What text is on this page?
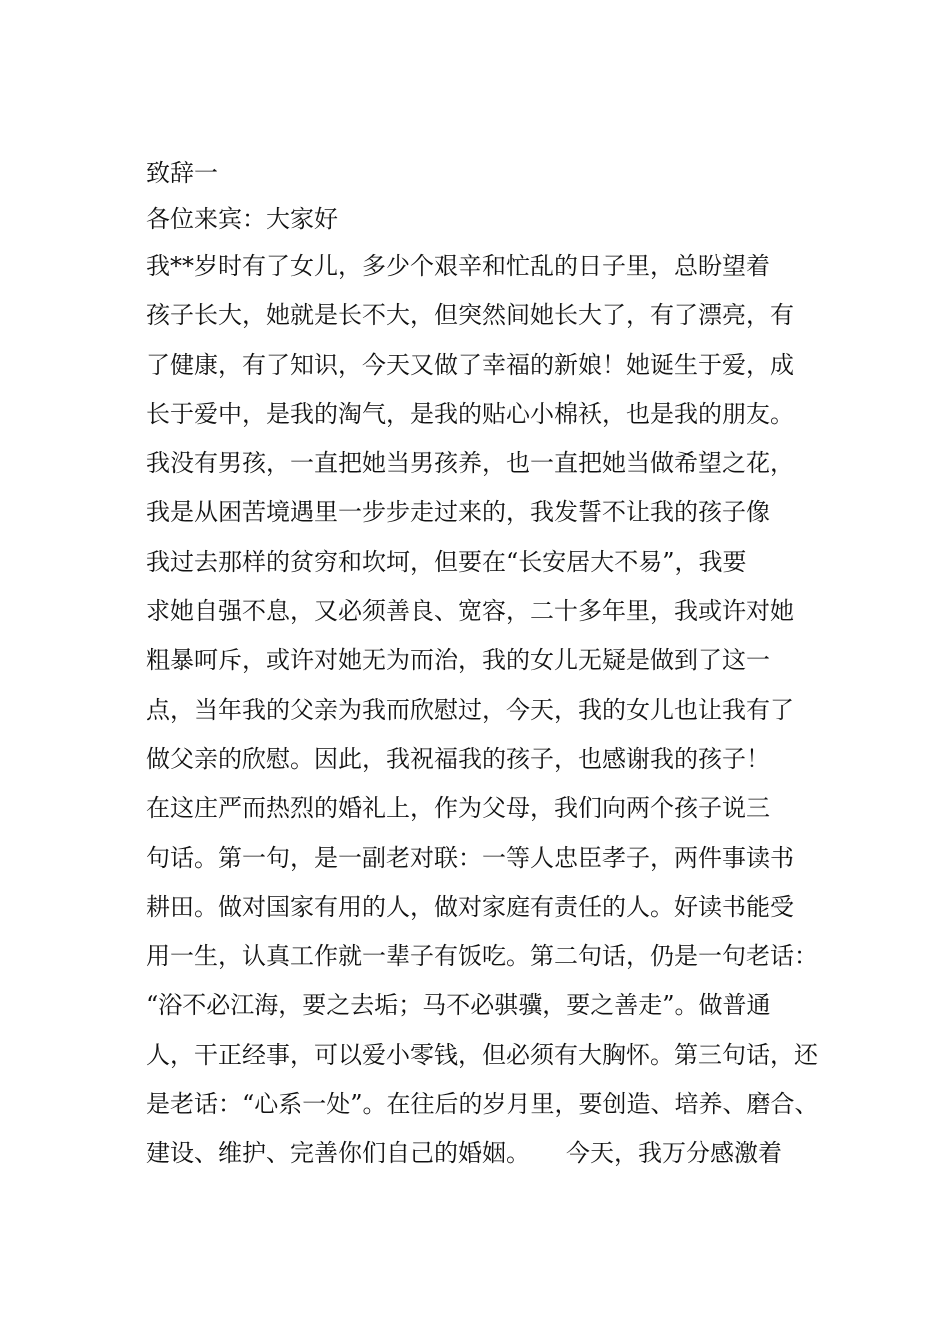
致辞一
各位来宾：大家好
我**岁时有了女儿，多少个艰辛和忙乱的日子里，总盼望着
孩子长大，她就是长不大，但突然间她长大了，有了漂亮，有
了健康，有了知识，今天又做了幸福的新娘！她诞生于爱，成
长于爱中，是我的淘气，是我的贴心小棉袄，也是我的朋友。
我没有男孩，一直把她当男孩养，也一直把她当做希望之花，
我是从困苦境遇里一步步走过来的，我发誓不让我的孩子像
我过去那样的贫穷和坎坷，但要在“长安居大不易”，我要
求她自强不息，又必须善良、宽容，二十多年里，我或许对她
粗暴呵斥，或许对她无为而治，我的女儿无疑是做到了这一
点，当年我的父亲为我而欣慰过，今天，我的女儿也让我有了
做父亲的欣慰。因此，我祝福我的孩子，也感谢我的孩子！
在这庄严而热烈的婚礼上，作为父母，我们向两个孩子说三
句话。第一句，是一副老对联：一等人忠臣孝子，两件事读书
耕田。做对国家有用的人，做对家庭有责任的人。好读书能受
用一生，认真工作就一辈子有饭吃。第二句话，仍是一句老话：
“浴不必江海，要之去垢；马不必骐骥，要之善走”。做普通
人，干正经事，可以爱小零钱，但必须有大胸怀。第三句话，还
是老话：“心系一处”。在往后的岁月里，要创造、培养、磨合、
建设、维护、完善你们自己的婚姻。　　今天，我万分感激着
